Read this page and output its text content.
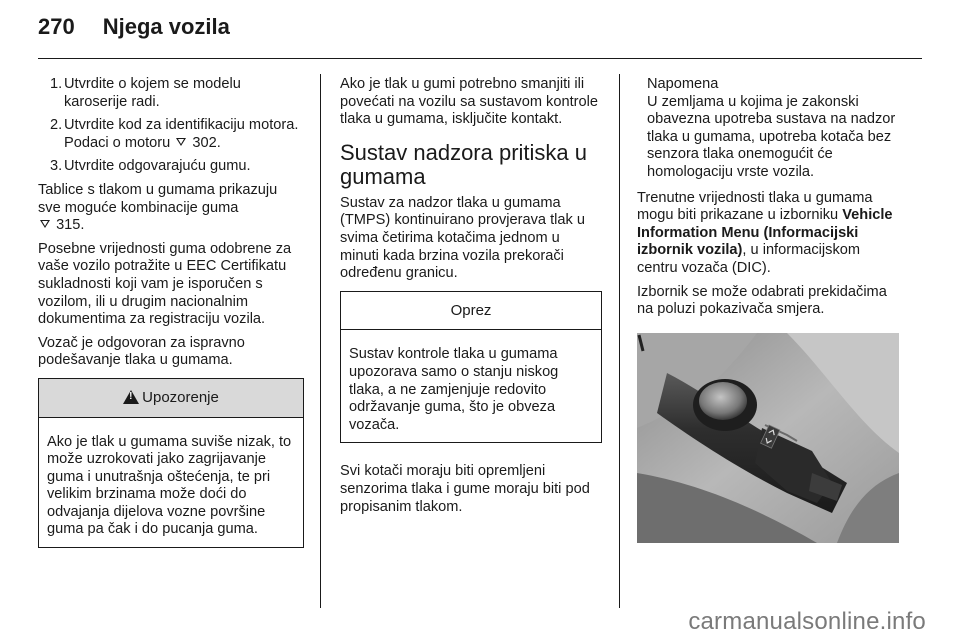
270 Njega vozila
1. Utvrdite o kojem se modelu karoserije radi.
2. Utvrdite kod za identifikaciju motora. Podaci o motoru 302.
3. Utvrdite odgovarajuću gumu.

Tablice s tlakom u gumama prikazuju sve moguće kombinacije guma
315.

Posebne vrijednosti guma odobrene za vaše vozilo potražite u EEC Certifikatu sukladnosti koji vam je isporučen s vozilom, ili u drugim nacionalnim dokumentima za registraciju vozila.

Vozač je odgovoran za ispravno podešavanje tlaka u gumama.

!Upozorenje
Ako je tlak u gumama suviše nizak, to može uzrokovati jako zagrijavanje guma i unutrašnja oštećenja, te pri velikim brzinama može doći do odvajanja dijelova vozne površine guma pa čak i do pucanja guma.

Ako je tlak u gumi potrebno smanjiti ili povećati na vozilu sa sustavom kontrole tlaka u gumama, isključite kontakt.

Sustav nadzora pritiska u gumama

Sustav za nadzor tlaka u gumama (TMPS) kontinuirano provjerava tlak u svima četirima kotačima jednom u minuti kada brzina vozila prekorači određenu granicu.

Oprez
Sustav kontrole tlaka u gumama upozorava samo o stanju niskog tlaka, a ne zamjenjuje redovito održavanje guma, što je obveza vozača.

Svi kotači moraju biti opremljeni senzorima tlaka i gume moraju biti pod propisanim tlakom.

Napomena
U zemljama u kojima je zakonski obavezna upotreba sustava na nadzor tlaka u gumama, upotreba kotača bez senzora tlaka onemogućit će homologaciju vrste vozila.

Trenutne vrijednosti tlaka u gumama mogu biti prikazane u izborniku Vehicle Information Menu (Informacijski izbornik vozila), u informacijskom centru vozača (DIC).

Izbornik se može odabrati prekidačima na poluzi pokazivača smjera.

carmanualsonline.info
